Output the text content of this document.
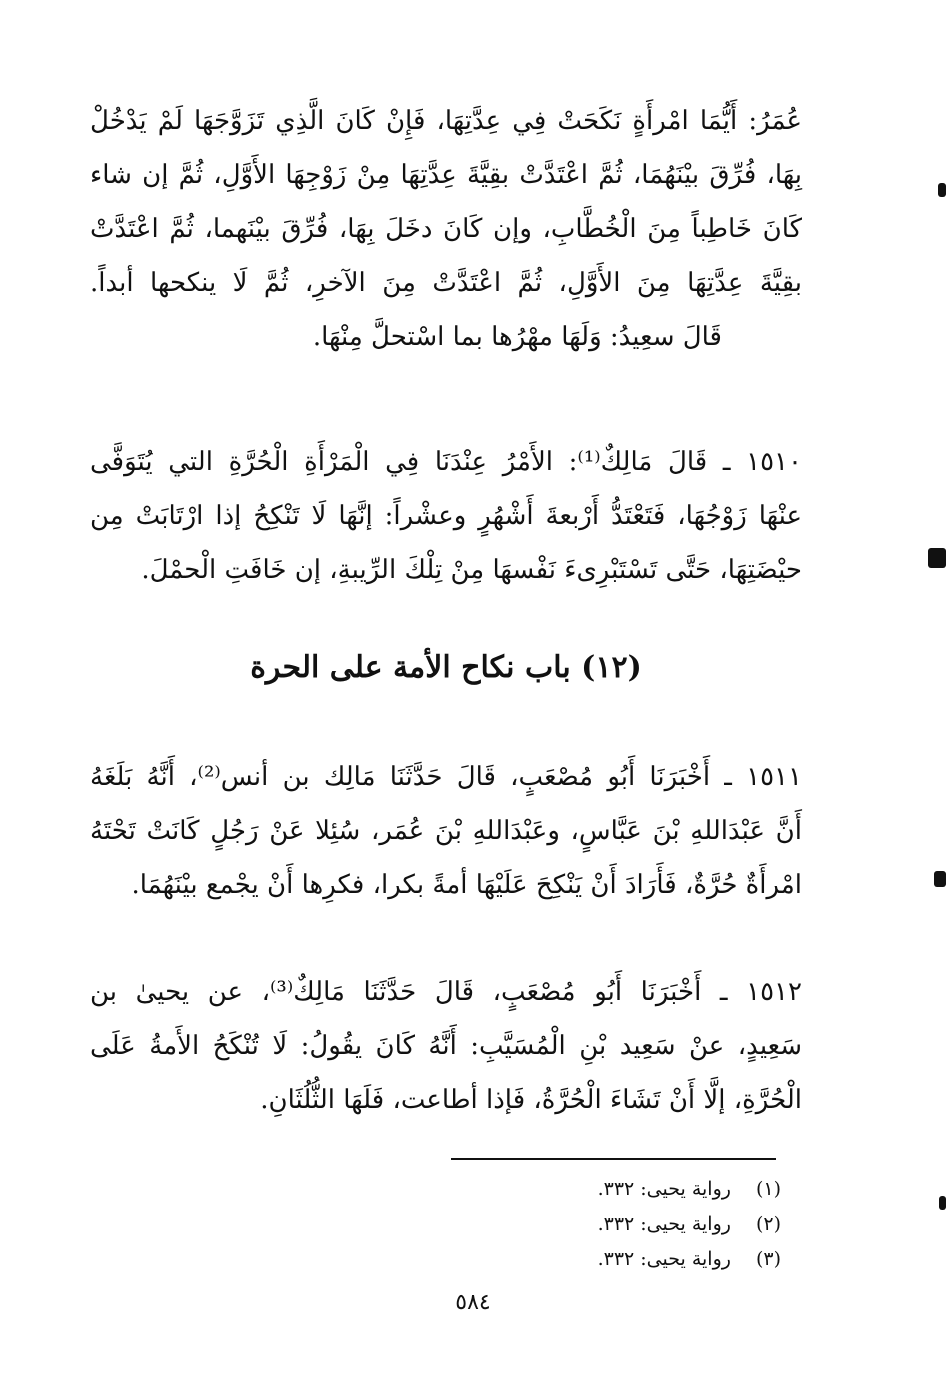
عُمَرُ: أَيُّمَا امْرأَةٍ نَكَحَتْ فِي عِدَّتِهَا، فَإِنْ كَانَ الَّذِي تَزَوَّجَهَا لَمْ يَدْخُلْ
بِهَا، فُرِّقَ بيْنَهُمَا، ثُمَّ اعْتَدَّتْ بقِيَّةَ عِدَّتِهَا مِنْ زَوْجِهَا الأَوَّلِ، ثُمَّ إن شاء
كَانَ خَاطِباً مِنَ الْخُطَّابِ، وإن كَانَ دخَلَ بِهَا، فُرِّقَ بيْنَهما، ثُمَّ اعْتَدَّتْ
بقِيَّةَ عِدَّتِهَا مِنَ الأَوَّلِ، ثُمَّ اعْتَدَّتْ مِنَ الآخرِ، ثُمَّ لَا ينكحها أبداً.
قَالَ سعِيدُ: وَلَهَا مهْرُها بما اسْتحلَّ مِنْهَا.
١٥١٠ ـ قَالَ مَالِكٌ⁽¹⁾: الأَمْرُ عِنْدَنَا فِي الْمَرْأَةِ الْحُرَّةِ التي يُتَوَفَّى
عنْهَا زَوْجُهَا، فَتَعْتَدُّ أَرْبعةَ أَشْهُرٍ وعشْراً: إنَّهَا لَا تَنْكِحُ إذا ارْتَابَتْ مِن
حيْضَتِهَا، حَتَّى تَسْتَبْرِىءَ نَفْسهَا مِنْ تِلْكَ الرِّيبةِ، إن خَافَتِ الْحمْلَ.
(١٢) باب نكاح الأمة على الحرة
١٥١١ ـ أَخْبَرَنَا أَبُو مُصْعَبٍ، قَالَ حَدَّثَنَا مَالِك بن أنس⁽²⁾، أَنَّهُ بَلَغَهُ
أَنَّ عَبْدَاللهِ بْنَ عَبَّاسٍ، وعَبْدَاللهِ بْنَ عُمَر، سُئِلا عَنْ رَجُلٍ كَانَتْ تَحْتَهُ
امْرأَةٌ حُرَّةٌ، فَأَرَادَ أَنْ يَنْكِحَ عَلَيْهَا أمةً بكرا، فكرِها أَنْ يجْمع بيْنَهُمَا.
١٥١٢ ـ أَخْبَرَنَا أَبُو مُصْعَبٍ، قَالَ حَدَّثَنَا مَالِكٌ⁽³⁾، عن يحيىٰ بن
سَعِيدٍ، عنْ سَعِيد بْنِ الْمُسَيَّبِ: أَنَّهُ كَانَ يقُولُ: لَا تُنْكَحُ الأَمةُ عَلَى
الْحُرَّةِ، إلَّا أَنْ تَشَاءَ الْحُرَّةُ، فَإذا أطاعت، فَلَهَا الثُّلُثَانِ.
(١) رواية يحيى: ٣٣٢.
(٢) رواية يحيى: ٣٣٢.
(٣) رواية يحيى: ٣٣٢.
٥٨٤
